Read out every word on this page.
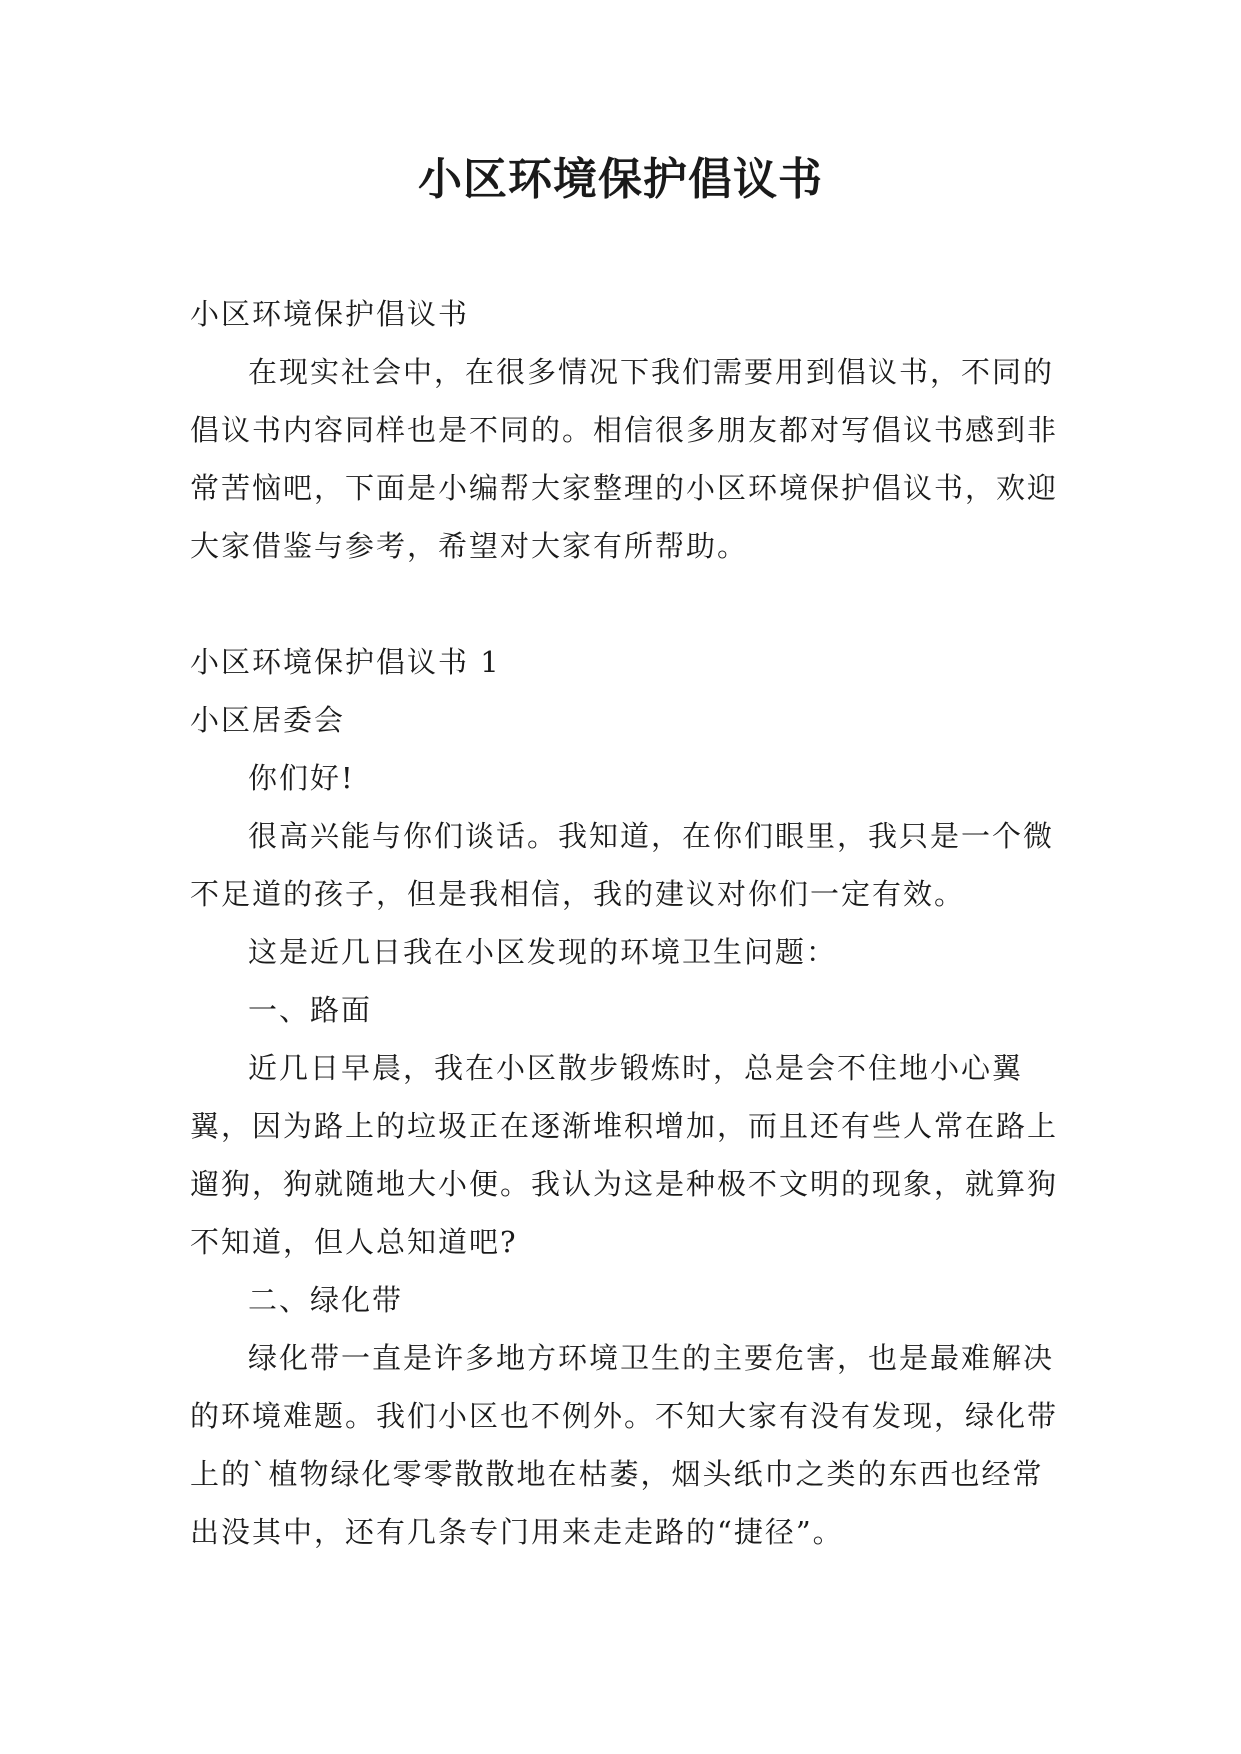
小区环境保护倡议书

小区环境保护倡议书

在现实社会中，在很多情况下我们需要用到倡议书，不同的倡议书内容同样也是不同的。相信很多朋友都对写倡议书感到非常苦恼吧，下面是小编帮大家整理的小区环境保护倡议书，欢迎大家借鉴与参考，希望对大家有所帮助。

小区环境保护倡议书 1

小区居委会

你们好!

很高兴能与你们谈话。我知道，在你们眼里，我只是一个微不足道的孩子，但是我相信，我的建议对你们一定有效。

这是近几日我在小区发现的环境卫生问题：

一、路面

近几日早晨，我在小区散步锻炼时，总是会不住地小心翼翼，因为路上的垃圾正在逐渐堆积增加，而且还有些人常在路上遛狗，狗就随地大小便。我认为这是种极不文明的现象，就算狗不知道，但人总知道吧?

二、绿化带

绿化带一直是许多地方环境卫生的主要危害，也是最难解决的环境难题。我们小区也不例外。不知大家有没有发现，绿化带上的`植物绿化零零散散地在枯萎，烟头纸巾之类的东西也经常出没其中，还有几条专门用来走走路的“捷径”。
